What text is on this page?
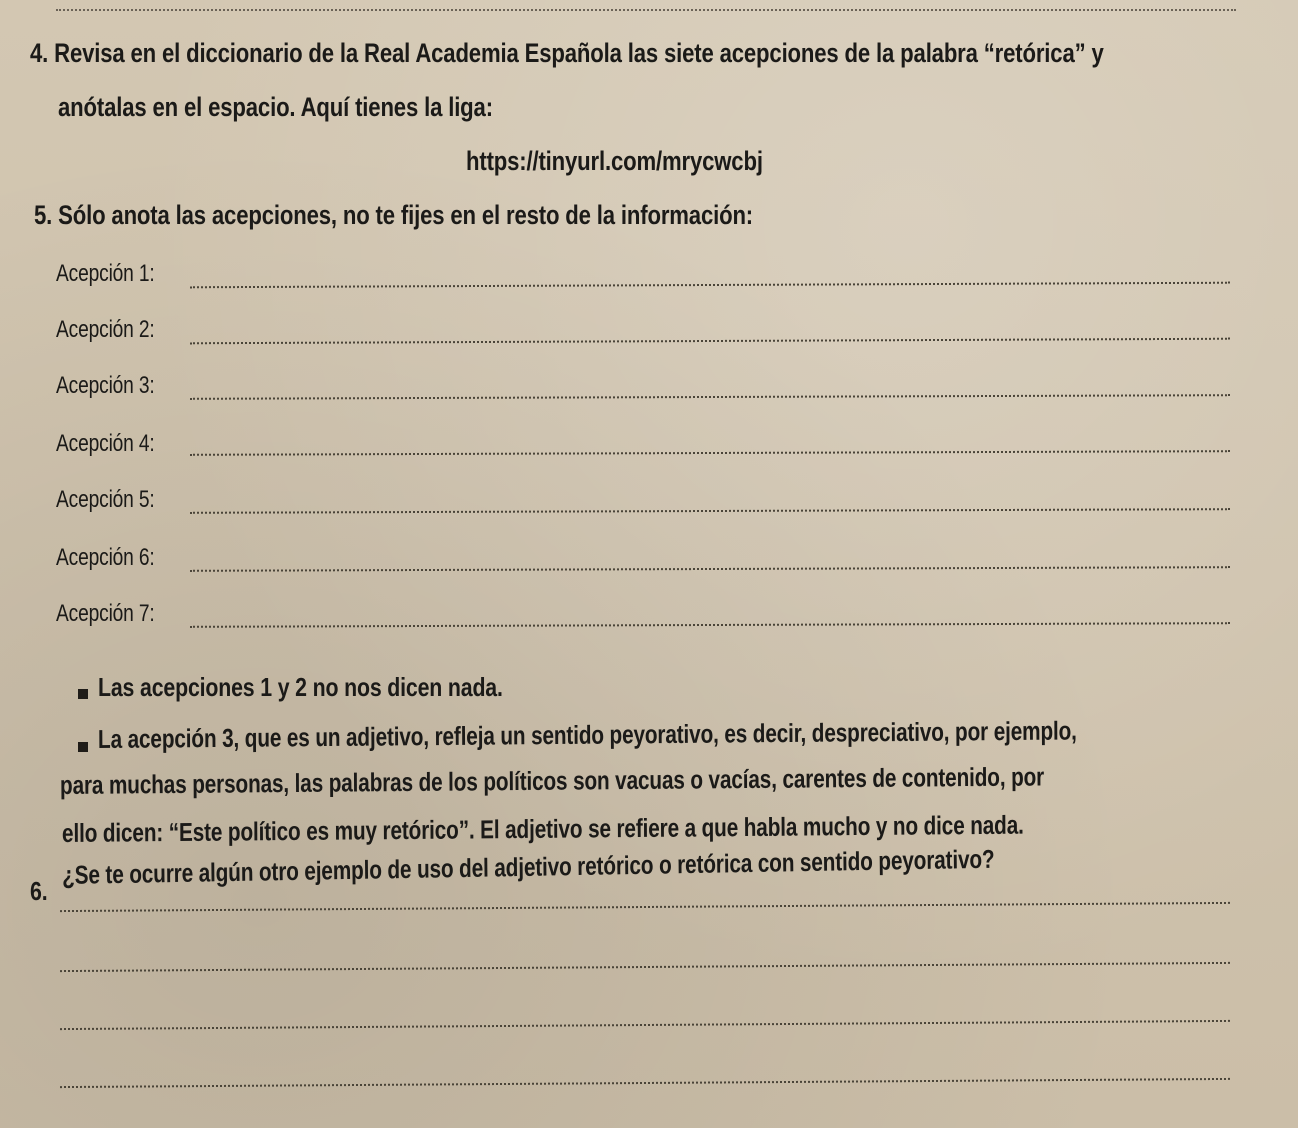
4. Revisa en el diccionario de la Real Academia Española las siete acepciones de la palabra “retórica” y
anótalas en el espacio. Aquí tienes la liga:
https://tinyurl.com/mrycwcbj
5. Sólo anota las acepciones, no te fijes en el resto de la información:
Acepción 1:
Acepción 2:
Acepción 3:
Acepción 4:
Acepción 5:
Acepción 6:
Acepción 7:
Las acepciones 1 y 2 no nos dicen nada.
La acepción 3, que es un adjetivo, refleja un sentido peyorativo, es decir, despreciativo, por ejemplo,
para muchas personas, las palabras de los políticos son vacuas o vacías, carentes de contenido, por
ello dicen: “Este político es muy retórico”. El adjetivo se refiere a que habla mucho y no dice nada.
6.
¿Se te ocurre algún otro ejemplo de uso del adjetivo retórico o retórica con sentido peyorativo?
